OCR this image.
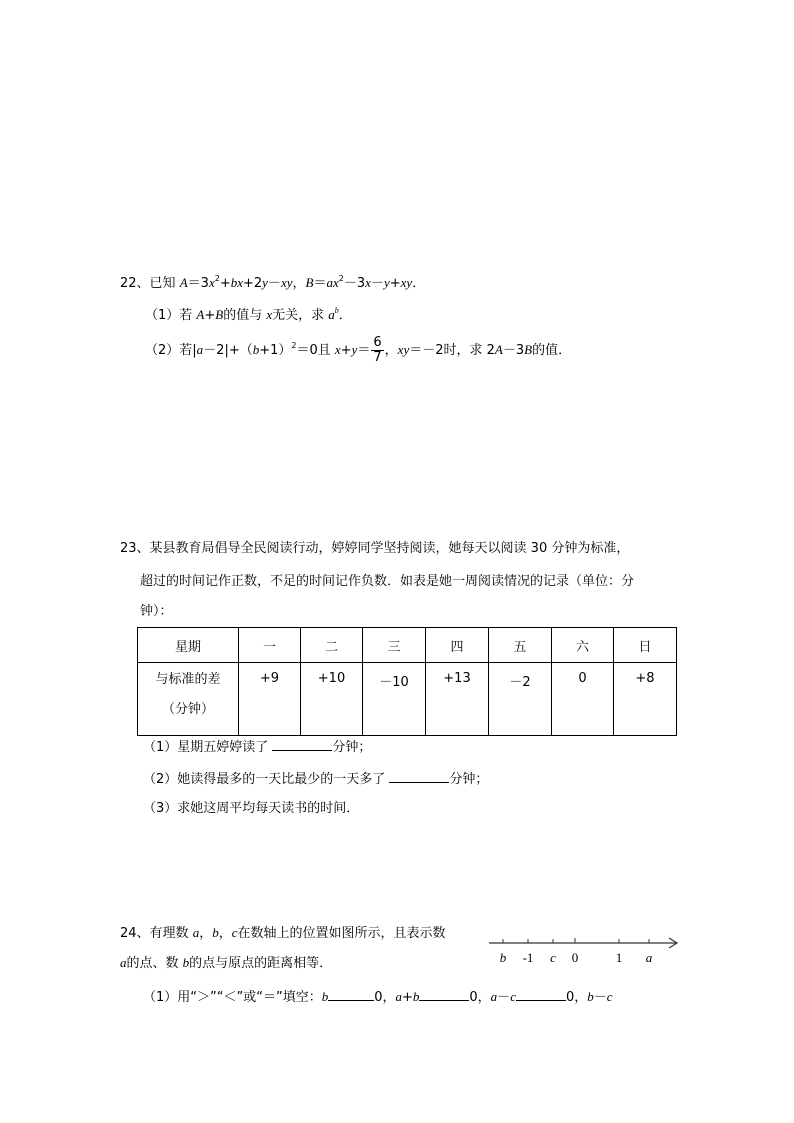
22、已知 $A=3x^2+bx+2y-xy$，$B=ax^2-3x-y+xy$．
（1）若 A+B的值与 x无关，求 $a^b$．
（2）若$|a-2|+(b+1)^2=0$且 $x+y= \frac{6}{7}$ ，xy＝－2时，求 2A－3B的值．
23、某县教育局倡导全民阅读行动，婷婷同学坚持阅读，她每天以阅读 30 分钟为标准，
超过的时间记作正数，不足的时间记作负数．如表是她一周阅读情况的记录（单位：分
钟）：
星期	一	二	三	四	五	六	日

与标准的差
（分钟）	+9	+10	－10	+13	－2	0	+8
（1）星期五婷婷读了	分钟；
（2）她读得最多的一天比最少的一天多了	分钟；
（3）求她这周平均每天读书的时间．
24、有理数 a，b，c在数轴上的位置如图所示，且表示数
a的点、数 b的点与原点的距离相等．	b -1 c 0	1 a
（1）用“＞”“＜”或“＝”填空：b	0，a+b	0，a－c	0，b－c
